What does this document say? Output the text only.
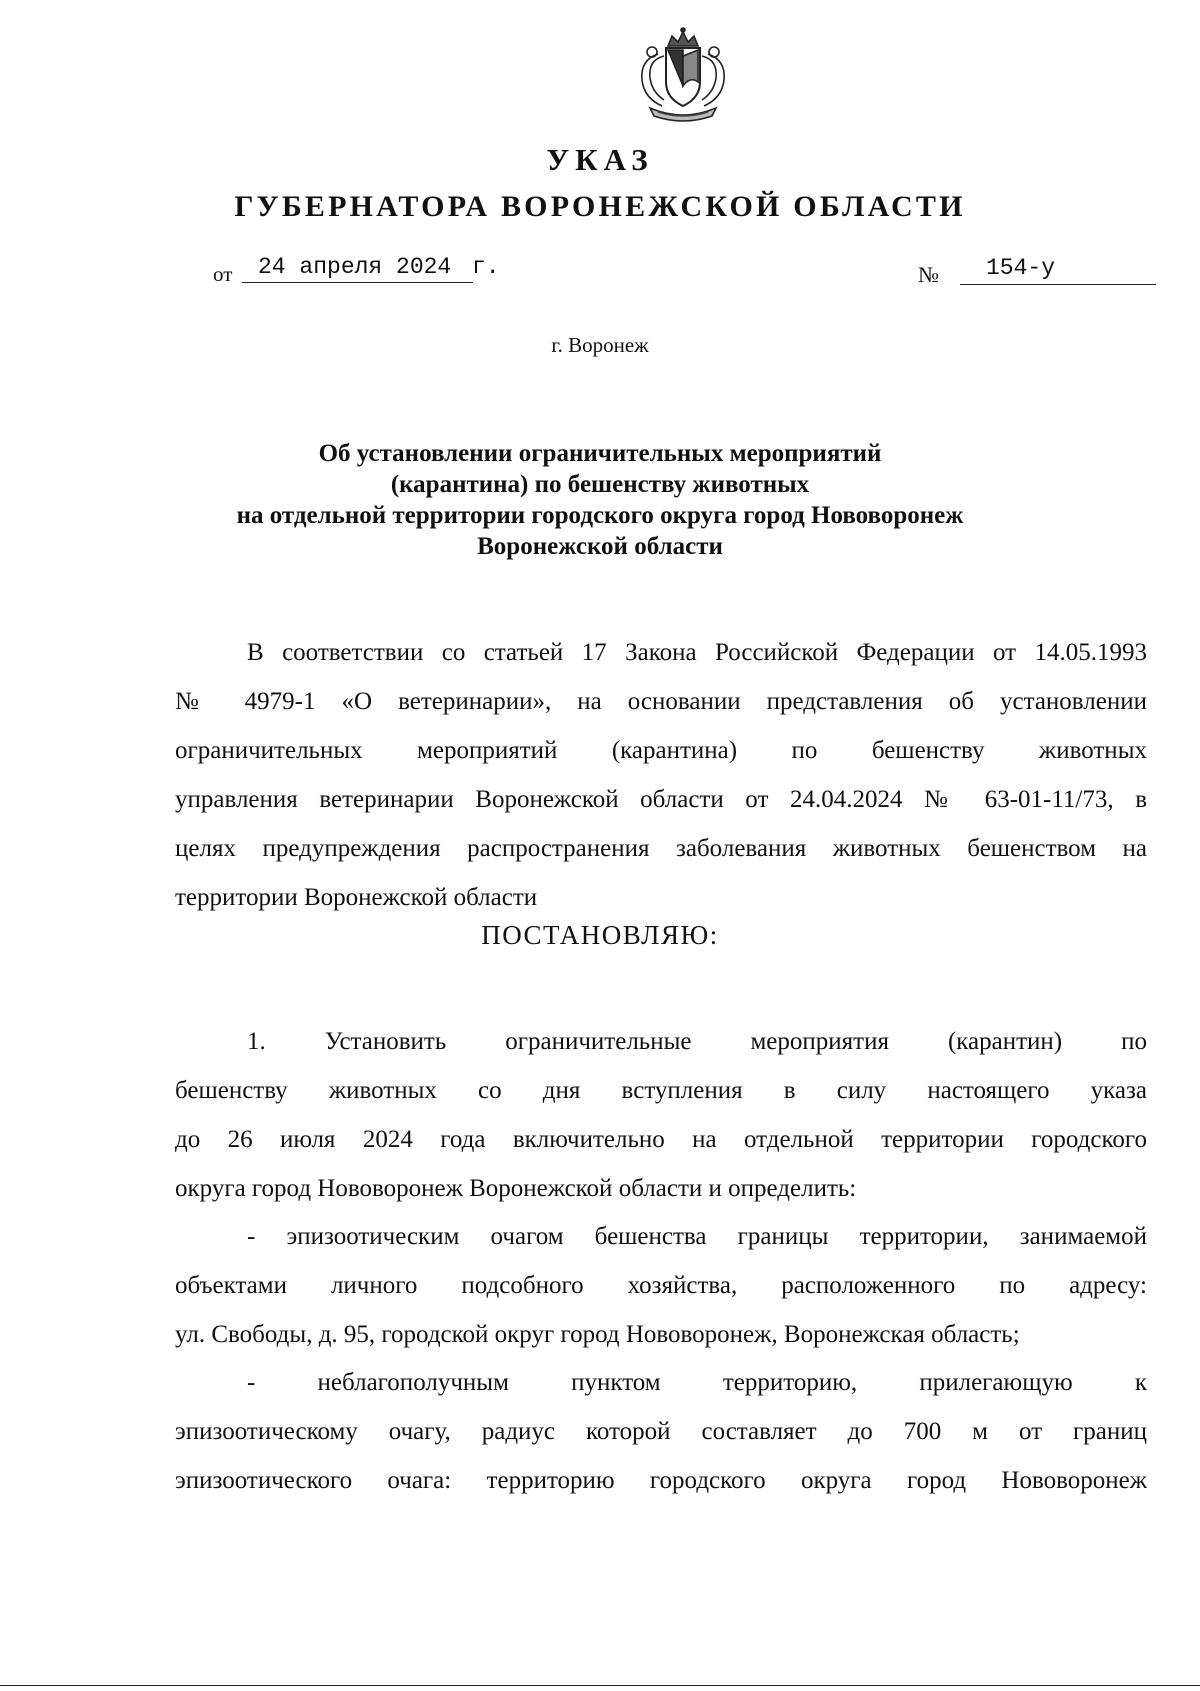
УКАЗ
ГУБЕРНАТОРА ВОРОНЕЖСКОЙ ОБЛАСТИ
от	24 апреля 2024 г.	№	154-у
г. Воронеж
Об установлении ограничительных мероприятий
(карантина) по бешенству животных
на отдельной территории городского округа город Нововоронеж
Воронежской области
В соответствии со статьей 17 Закона Российской Федерации от 14.05.1993
№ 4979-1 «О ветеринарии», на основании представления об установлении
ограничительных мероприятий (карантина) по бешенству животных
управления ветеринарии Воронежской области от 24.04.2024 № 63-01-11/73, в
целях предупреждения распространения заболевания животных бешенством на
территории Воронежской области
ПОСТАНОВЛЯЮ:
1. Установить ограничительные мероприятия (карантин) по
бешенству животных со дня вступления в силу настоящего указа
до 26 июля 2024 года включительно на отдельной территории городского
округа город Нововоронеж Воронежской области и определить:
- эпизоотическим очагом бешенства границы территории, занимаемой
объектами личного подсобного хозяйства, расположенного по адресу:
ул. Свободы, д. 95, городской округ город Нововоронеж, Воронежская область;
- неблагополучным пунктом территорию, прилегающую к
эпизоотическому очагу, радиус которой составляет до 700 м от границ
эпизоотического очага: территорию городского округа город Нововоронеж
